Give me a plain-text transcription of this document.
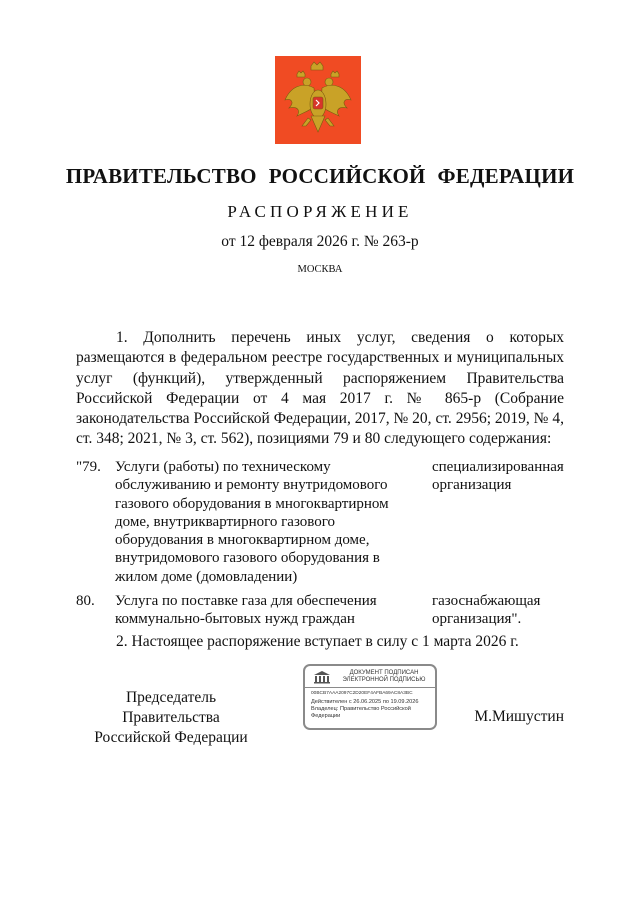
ПРАВИТЕЛЬСТВО РОССИЙСКОЙ ФЕДЕРАЦИИ
РАСПОРЯЖЕНИЕ
от 12 февраля 2026 г. № 263-р
МОСКВА
1. Дополнить перечень иных услуг, сведения о которых размещаются в федеральном реестре государственных и муниципальных услуг (функций), утвержденный распоряжением Правительства Российской Федерации от 4 мая 2017 г. № 865-р (Собрание законодательства Российской Федерации, 2017, № 20, ст. 2956; 2019, № 4, ст. 348; 2021, № 3, ст. 562), позициями 79 и 80 следующего содержания:
"79. Услуги (работы) по техническому обслуживанию и ремонту внутридомового газового оборудования в многоквартирном доме, внутриквартирного газового оборудования в многоквартирном доме, внутридомового газового оборудования в жилом доме (домовладении)
специализированная организация
80. Услуга по поставке газа для обеспечения коммунально-бытовых нужд граждан
газоснабжающая организация".
2. Настоящее распоряжение вступает в силу с 1 марта 2026 г.
Председатель Правительства
Российской Федерации
ДОКУМЕНТ ПОДПИСАН
ЭЛЕКТРОННОЙ ПОДПИСЬЮ
00BCB7AAA2097C2D20EF4AFBA69AC8A3BC
Действителен с 26.06.2025 по 19.09.2026
Владелец: Правительство Российской Федерации	М.Мишустин
